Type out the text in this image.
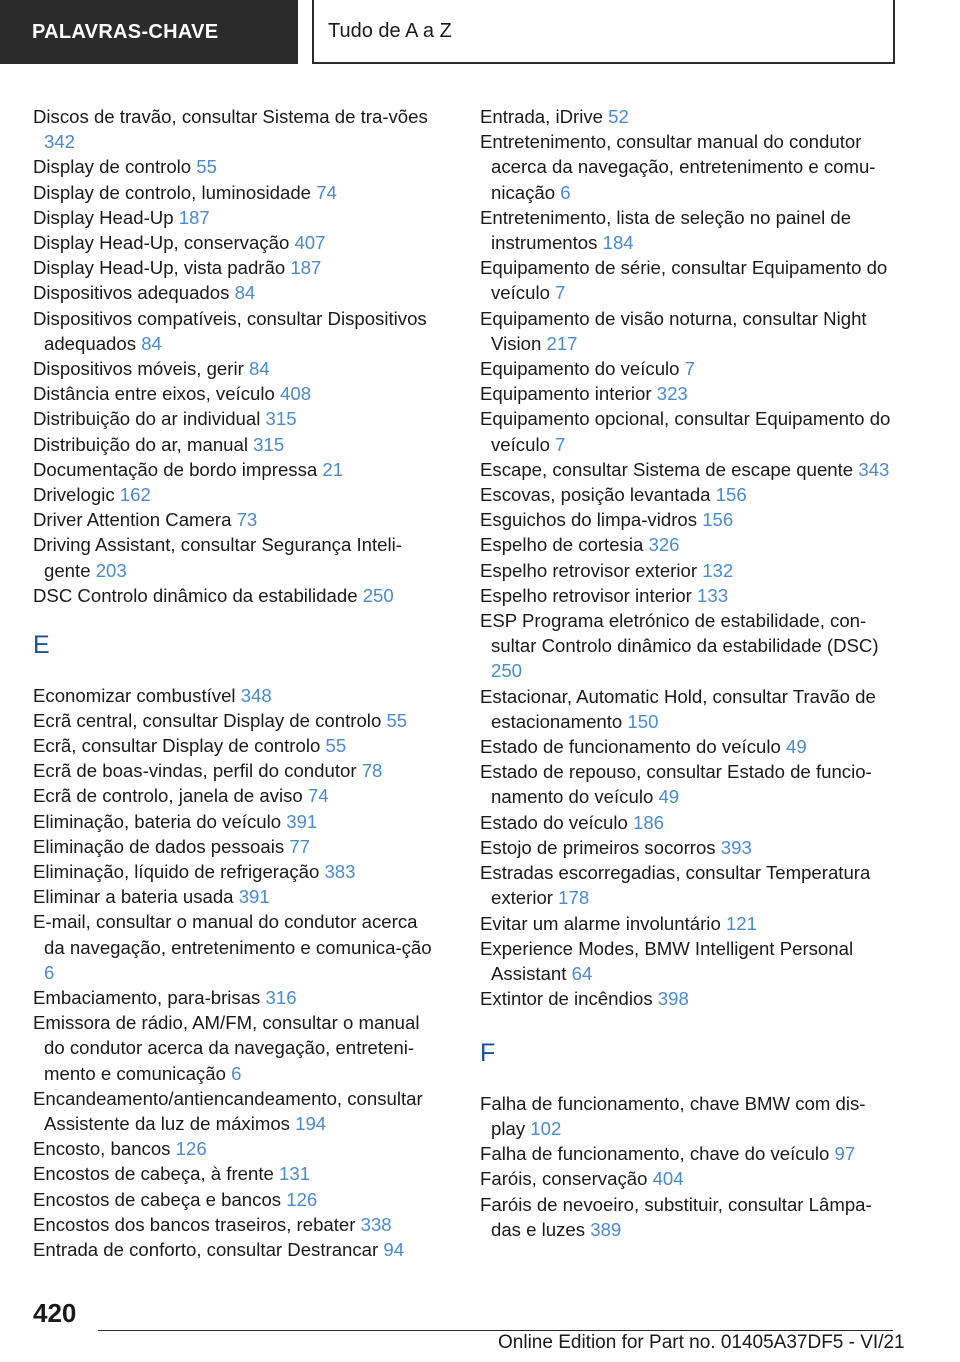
PALAVRAS-CHAVE	Tudo de A a Z
Discos de travão, consultar Sistema de tra-vões 342
Display de controlo 55
Display de controlo, luminosidade 74
Display Head-Up 187
Display Head-Up, conservação 407
Display Head-Up, vista padrão 187
Dispositivos adequados 84
Dispositivos compatíveis, consultar Dispositivos adequados 84
Dispositivos móveis, gerir 84
Distância entre eixos, veículo 408
Distribuição do ar individual 315
Distribuição do ar, manual 315
Documentação de bordo impressa 21
Drivelogic 162
Driver Attention Camera 73
Driving Assistant, consultar Segurança Inteli-gente 203
DSC Controlo dinâmico da estabilidade 250
E
Economizar combustível 348
Ecrã central, consultar Display de controlo 55
Ecrã, consultar Display de controlo 55
Ecrã de boas-vindas, perfil do condutor 78
Ecrã de controlo, janela de aviso 74
Eliminação, bateria do veículo 391
Eliminação de dados pessoais 77
Eliminação, líquido de refrigeração 383
Eliminar a bateria usada 391
E-mail, consultar o manual do condutor acerca da navegação, entretenimento e comunica-ção 6
Embaciamento, para-brisas 316
Emissora de rádio, AM/FM, consultar o manual do condutor acerca da navegação, entreteni-mento e comunicação 6
Encandeamento/antiencandeamento, consultar Assistente da luz de máximos 194
Encosto, bancos 126
Encostos de cabeça, à frente 131
Encostos de cabeça e bancos 126
Encostos dos bancos traseiros, rebater 338
Entrada de conforto, consultar Destrancar 94
Entrada, iDrive 52
Entretenimento, consultar manual do condutor acerca da navegação, entretenimento e comu-nicação 6
Entretenimento, lista de seleção no painel de instrumentos 184
Equipamento de série, consultar Equipamento do veículo 7
Equipamento de visão noturna, consultar Night Vision 217
Equipamento do veículo 7
Equipamento interior 323
Equipamento opcional, consultar Equipamento do veículo 7
Escape, consultar Sistema de escape quente 343
Escovas, posição levantada 156
Esguichos do limpa-vidros 156
Espelho de cortesia 326
Espelho retrovisor exterior 132
Espelho retrovisor interior 133
ESP Programa eletrónico de estabilidade, con-sultar Controlo dinâmico da estabilidade (DSC) 250
Estacionar, Automatic Hold, consultar Travão de estacionamento 150
Estado de funcionamento do veículo 49
Estado de repouso, consultar Estado de funcio-namento do veículo 49
Estado do veículo 186
Estojo de primeiros socorros 393
Estradas escorregadias, consultar Temperatura exterior 178
Evitar um alarme involuntário 121
Experience Modes, BMW Intelligent Personal Assistant 64
Extintor de incêndios 398
F
Falha de funcionamento, chave BMW com dis-play 102
Falha de funcionamento, chave do veículo 97
Faróis, conservação 404
Faróis de nevoeiro, substituir, consultar Lâmpa-das e luzes 389
420
Online Edition for Part no. 01405A37DF5 - VI/21
